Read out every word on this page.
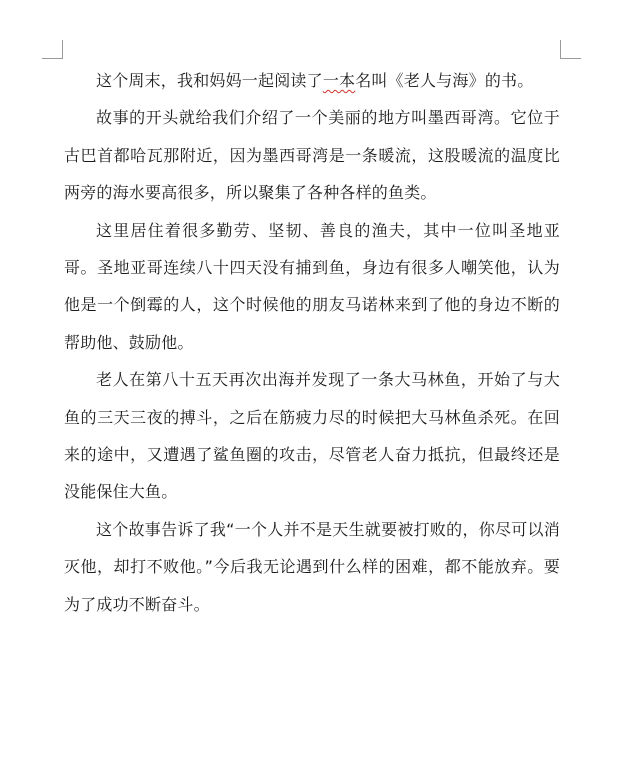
这个周末，我和妈妈一起阅读了一本名叫《老人与海》的书。

故事的开头就给我们介绍了一个美丽的地方叫墨西哥湾。它位于古巴首都哈瓦那附近，因为墨西哥湾是一条暖流，这股暖流的温度比两旁的海水要高很多，所以聚集了各种各样的鱼类。

这里居住着很多勤劳、坚韧、善良的渔夫，其中一位叫圣地亚哥。圣地亚哥连续八十四天没有捕到鱼，身边有很多人嘲笑他，认为他是一个倒霉的人，这个时候他的朋友马诺林来到了他的身边不断的帮助他、鼓励他。

老人在第八十五天再次出海并发现了一条大马林鱼，开始了与大鱼的三天三夜的搏斗，之后在筋疲力尽的时候把大马林鱼杀死。在回来的途中，又遭遇了鲨鱼圈的攻击，尽管老人奋力抵抗，但最终还是没能保住大鱼。

这个故事告诉了我“一个人并不是天生就要被打败的，你尽可以消灭他，却打不败他。”今后我无论遇到什么样的困难，都不能放弃。要为了成功不断奋斗。
